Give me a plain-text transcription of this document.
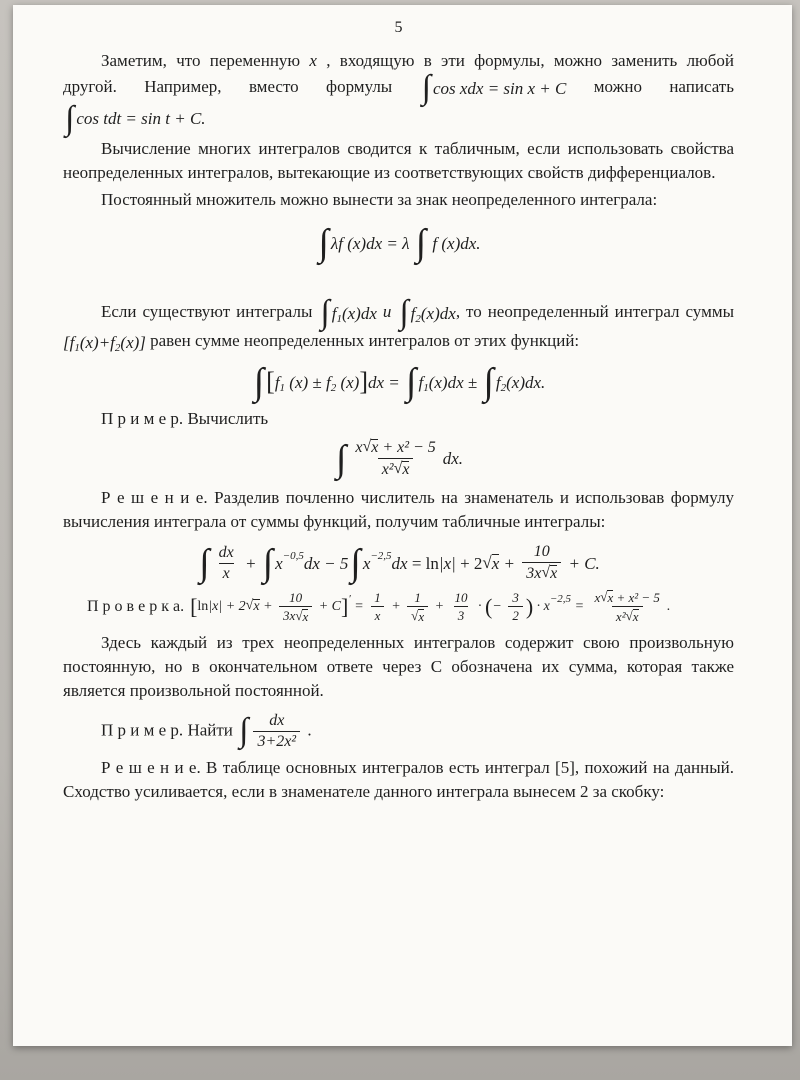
5

Заметим, что переменную x , входящую в эти формулы, можно заменить любой другой. Например, вместо формулы ∫ cos xdx = sin x + C можно написать
∫ cos tdt = sin t + C.

Вычисление многих интегралов сводится к табличным, если использовать свойства неопределенных интегралов, вытекающие из соответствующих свойств дифференциалов.

Постоянный множитель можно вынести за знак неопределенного интеграла:

∫ λf (x)dx = λ ∫ f (x)dx.

Если существуют интегралы ∫ f 1 (x)dx и ∫ f 2 (x)dx , то неопределенный интеграл суммы
[f 1 (x)+f 2 (x)] равен сумме неопределенных интегралов от этих функций:

∫ [ f 1 (x) ± f 2 (x) ] dx = ∫ f 1 (x)dx ± ∫ f 2 (x)dx.

П р и м е р. Вычислить

∫ $\frac{\text{x √ x + x² − 5}}{\text{x² √ x}}$ dx.

Р е ш е н и е. Разделив почленно числитель на знаменатель и использовав формулу вычисления интеграла от суммы функций, получим табличные интегралы:

∫ $\frac{dx}{x}$ + ∫ x −0,5 dx − 5 ∫ x −2,5 dx = ln |x| + 2 √ $x + \frac{10}{3x √ x} + C$.
П р о в е р к а. [ ln |x| + 2 √ $x + \frac{10}{3x √ x} + C$ ] ′ = $\frac{1}{x} + \frac{1}{√ x} + \frac{10}{3}$ · ( − $\frac{3}{2}$ ) · $x -2,5 = \frac{\text{x √ x + x² − 5}}{\text{x² √ x}}$ .

Здесь каждый из трех неопределенных интегралов содержит свою произвольную постоянную, но в окончательном ответе через C обозначена их сумма, которая также является произвольной постоянной.

П р и м е р. Найти ∫ $\frac{dx}{\text{3+2x²}}$ .

Р е ш е н и е. В таблице основных интегралов есть интеграл [5], похожий на данный. Сходство усиливается, если в знаменателе данного интеграла вынесем 2 за скобку:
